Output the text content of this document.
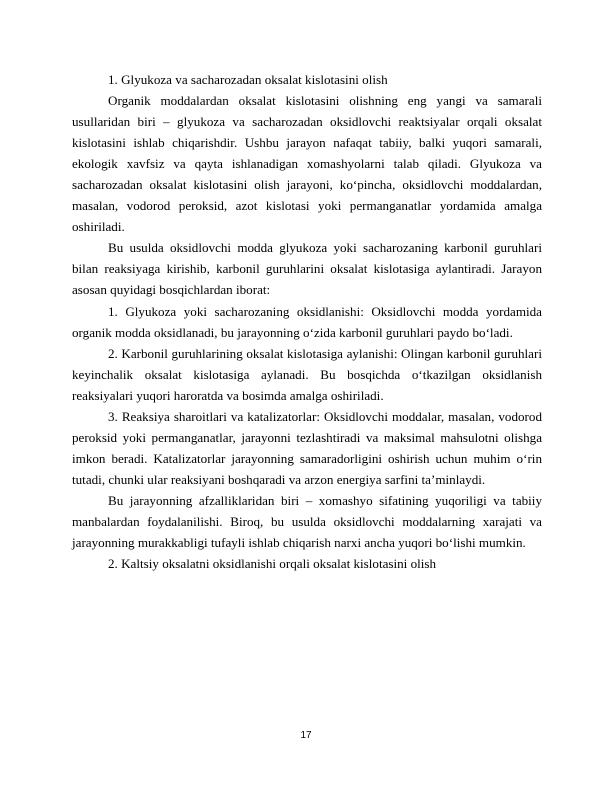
1. Glyukoza va sacharozadan oksalat kislotasini olish

Organik moddalardan oksalat kislotasini olishning eng yangi va samarali usullaridan biri – glyukoza va sacharozadan oksidlovchi reaktsiyalar orqali oksalat kislotasini ishlab chiqarishdir. Ushbu jarayon nafaqat tabiiy, balki yuqori samarali, ekologik xavfsiz va qayta ishlanadigan xomashyolarni talab qiladi. Glyukoza va sacharozadan oksalat kislotasini olish jarayoni, ko‘pincha, oksidlovchi moddalardan, masalan, vodorod peroksid, azot kislotasi yoki permanganatlar yordamida amalga oshiriladi.

Bu usulda oksidlovchi modda glyukoza yoki sacharozaning karbonil guruhlari bilan reaksiyaga kirishib, karbonil guruhlarini oksalat kislotasiga aylantiradi. Jarayon asosan quyidagi bosqichlardan iborat:

1. Glyukoza yoki sacharozaning oksidlanishi: Oksidlovchi modda yordamida organik modda oksidlanadi, bu jarayonning o‘zida karbonil guruhlari paydo bo‘ladi.

2. Karbonil guruhlarining oksalat kislotasiga aylanishi: Olingan karbonil guruhlari keyinchalik oksalat kislotasiga aylanadi. Bu bosqichda o‘tkazilgan oksidlanish reaksiyalari yuqori haroratda va bosimda amalga oshiriladi.

3. Reaksiya sharoitlari va katalizatorlar: Oksidlovchi moddalar, masalan, vodorod peroksid yoki permanganatlar, jarayonni tezlashtiradi va maksimal mahsulotni olishga imkon beradi. Katalizatorlar jarayonning samaradorligini oshirish uchun muhim o‘rin tutadi, chunki ular reaksiyani boshqaradi va arzon energiya sarfini ta’minlaydi.

Bu jarayonning afzalliklaridan biri – xomashyo sifatining yuqoriligi va tabiiy manbalardan foydalanilishi. Biroq, bu usulda oksidlovchi moddalarning xarajati va jarayonning murakkabligi tufayli ishlab chiqarish narxi ancha yuqori bo‘lishi mumkin.

2. Kaltsiy oksalatni oksidlanishi orqali oksalat kislotasini olish

17
